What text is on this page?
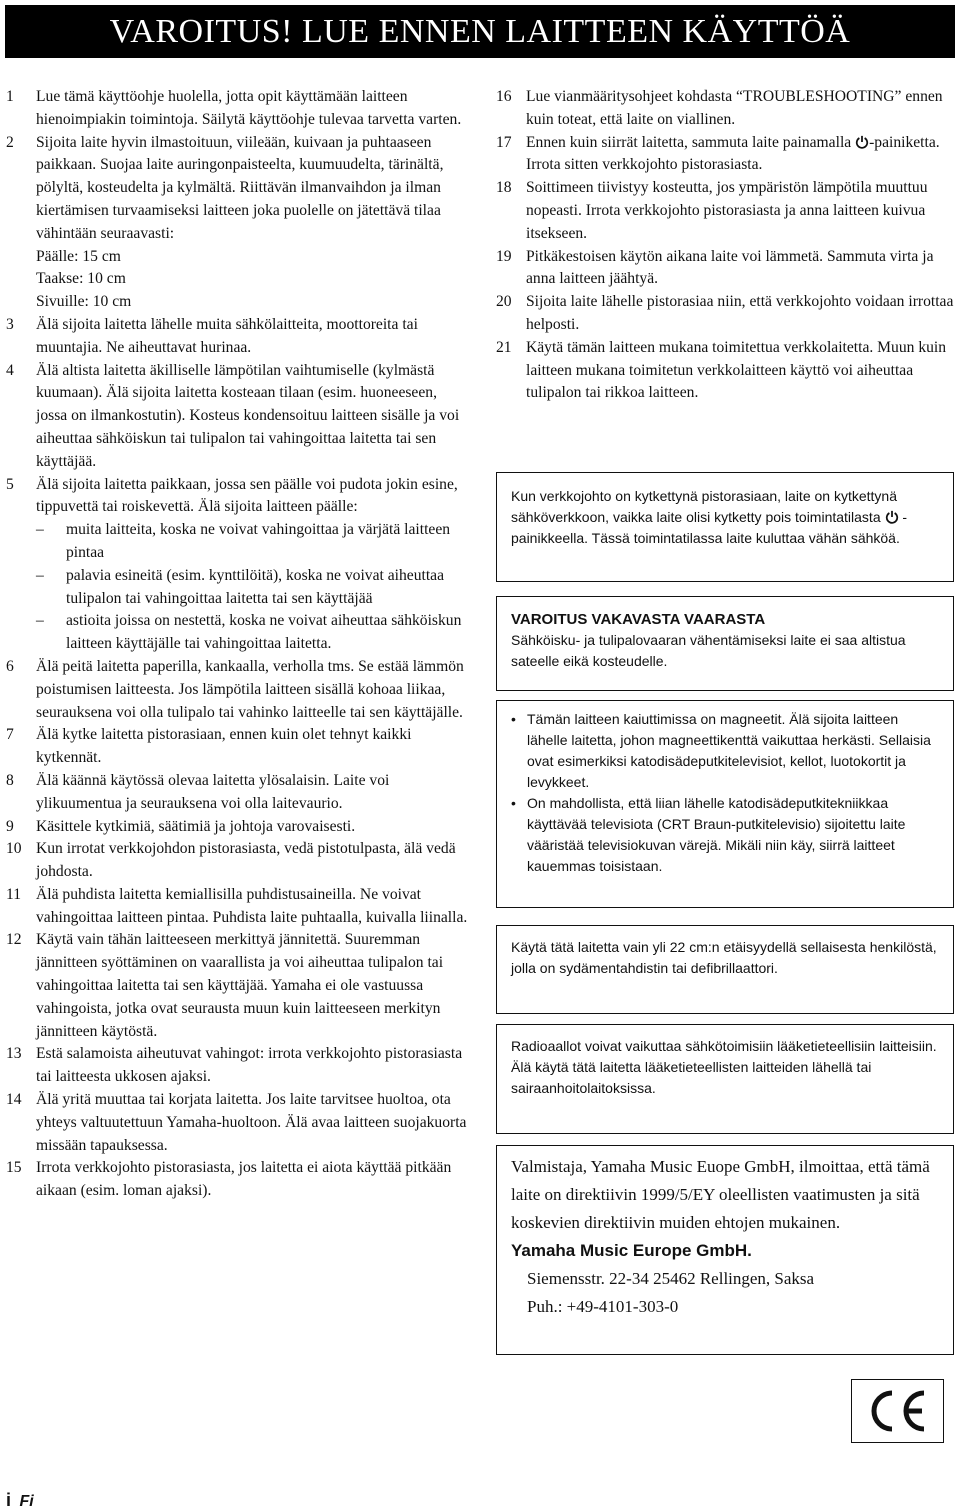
VAROITUS! LUE ENNEN LAITTEEN KÄYTTÖÄ
1	Lue tämä käyttöohje huolella, jotta opit käyttämään laitteen hienoimpiakin toimintoja. Säilytä käyttöohje tulevaa tarvetta varten.

2	Sijoita laite hyvin ilmastoituun, viileään, kuivaan ja puhtaaseen paikkaan. Suojaa laite auringonpaisteelta, kuumuudelta, tärinältä, pölyltä, kosteudelta ja kylmältä. Riittävän ilmanvaihdon ja ilman kiertämisen turvaamiseksi laitteen joka puolelle on jätettävä tilaa vähintään seuraavasti:

Päälle: 15 cm

Taakse: 10 cm

Sivuille: 10 cm

3	Älä sijoita laitetta lähelle muita sähkölaitteita, moottoreita tai muuntajia. Ne aiheuttavat hurinaa.

4	Älä altista laitetta äkilliselle lämpötilan vaihtumiselle (kylmästä kuumaan). Älä sijoita laitetta kosteaan tilaan (esim. huoneeseen, jossa on ilmankostutin). Kosteus kondensoituu laitteen sisälle ja voi aiheuttaa sähköiskun tai tulipalon tai vahingoittaa laitetta tai sen käyttäjää.

5	Älä sijoita laitetta paikkaan, jossa sen päälle voi pudota jokin esine, tippuvettä tai roiskevettä. Älä sijoita laitteen päälle:

–	muita laitteita, koska ne voivat vahingoittaa ja värjätä laitteen pintaa
–	palavia esineitä (esim. kynttilöitä), koska ne voivat aiheuttaa tulipalon tai vahingoittaa laitetta tai sen käyttäjää
–	astioita joissa on nestettä, koska ne voivat aiheuttaa sähköiskun laitteen käyttäjälle tai vahingoittaa laitetta.
6	Älä peitä laitetta paperilla, kankaalla, verholla tms. Se estää lämmön poistumisen laitteesta. Jos lämpötila laitteen sisällä kohoaa liikaa, seurauksena voi olla tulipalo tai vahinko laitteelle tai sen käyttäjälle.

7	Älä kytke laitetta pistorasiaan, ennen kuin olet tehnyt kaikki kytkennät.

8	Älä käännä käytössä olevaa laitetta ylösalaisin. Laite voi ylikuumentua ja seurauksena voi olla laitevaurio.

9	Käsittele kytkimiä, säätimiä ja johtoja varovaisesti.

10 Kun irrotat verkkojohdon pistorasiasta, vedä pistotulpasta, älä vedä johdosta.

11 Älä puhdista laitetta kemiallisilla puhdistusaineilla. Ne voivat vahingoittaa laitteen pintaa. Puhdista laite puhtaalla, kuivalla liinalla.

12 Käytä vain tähän laitteeseen merkittyä jännitettä. Suuremman jännitteen syöttäminen on vaarallista ja voi aiheuttaa tulipalon tai vahingoittaa laitetta tai sen käyttäjää. Yamaha ei ole vastuussa vahingoista, jotka ovat seurausta muun kuin laitteeseen merkityn jännitteen käytöstä.

13 Estä salamoista aiheutuvat vahingot: irrota verkkojohto pistorasiasta tai laitteesta ukkosen ajaksi.

14 Älä yritä muuttaa tai korjata laitetta. Jos laite tarvitsee huoltoa, ota yhteys valtuutettuun Yamaha-huoltoon. Älä avaa laitteen suojakuorta missään tapauksessa.

15 Irrota verkkojohto pistorasiasta, jos laitetta ei aiota käyttää pitkään aikaan (esim. loman ajaksi).

16 Lue vianmääritysohjeet kohdasta “TROUBLESHOOTING” ennen kuin toteat, että laite on viallinen.

17 Ennen kuin siirrät laitetta, sammuta laite painamalla -painiketta. Irrota sitten verkkojohto pistorasiasta.

18 Soittimeen tiivistyy kosteutta, jos ympäristön lämpötila muuttuu nopeasti. Irrota verkkojohto pistorasiasta ja anna laitteen kuivua itsekseen.

19 Pitkäkestoisen käytön aikana laite voi lämmetä. Sammuta virta ja anna laitteen jäähtyä.

20 Sijoita laite lähelle pistorasiaa niin, että verkkojohto voidaan irrottaa helposti.

21 Käytä tämän laitteen mukana toimitettua verkkolaitetta. Muun kuin laitteen mukana toimitetun verkkolaitteen käyttö voi aiheuttaa tulipalon tai rikkoa laitteen.

Kun verkkojohto on kytkettynä pistorasiaan, laite on kytkettynä sähköverkkoon, vaikka laite olisi kytketty pois toimintatilasta  -painikkeella. Tässä toimintatilassa laite kuluttaa vähän sähköä.

VAROITUS VAKAVASTA VAARASTA

Sähköisku- ja tulipalovaaran vähentämiseksi laite ei saa altistua sateelle eikä kosteudelle.

• Tämän laitteen kaiuttimissa on magneetit. Älä sijoita laitteen lähelle laitetta, johon magneettikenttä vaikuttaa herkästi. Sellaisia ovat esimerkiksi katodisädeputkitelevisiot, kellot, luotokortit ja levykkeet.
• On mahdollista, että liian lähelle katodisädeputkitekniikkaa käyttävää televisiota (CRT Braun-putkitelevisio) sijoitettu laite vääristää televisiokuvan värejä. Mikäli niin käy, siirrä laitteet kauemmas toisistaan.

Käytä tätä laitetta vain yli 22 cm:n etäisyydellä sellaisesta henkilöstä, jolla on sydämentahdistin tai defibrillaattori.

Radioaallot voivat vaikuttaa sähkötoimisiin lääketieteellisiin laitteisiin.

Älä käytä tätä laitetta lääketieteellisten laitteiden lähellä tai sairaanhoitolaitoksissa.

Valmistaja, Yamaha Music Euope GmbH, ilmoittaa, että tämä laite on direktiivin 1999/5/EY oleellisten vaatimusten ja sitä koskevien direktiivin muiden ehtojen mukainen.

Yamaha Music Europe GmbH.

Siemensstr. 22-34 25462 Rellingen, Saksa

Puh.: +49-4101-303-0

i Fi
